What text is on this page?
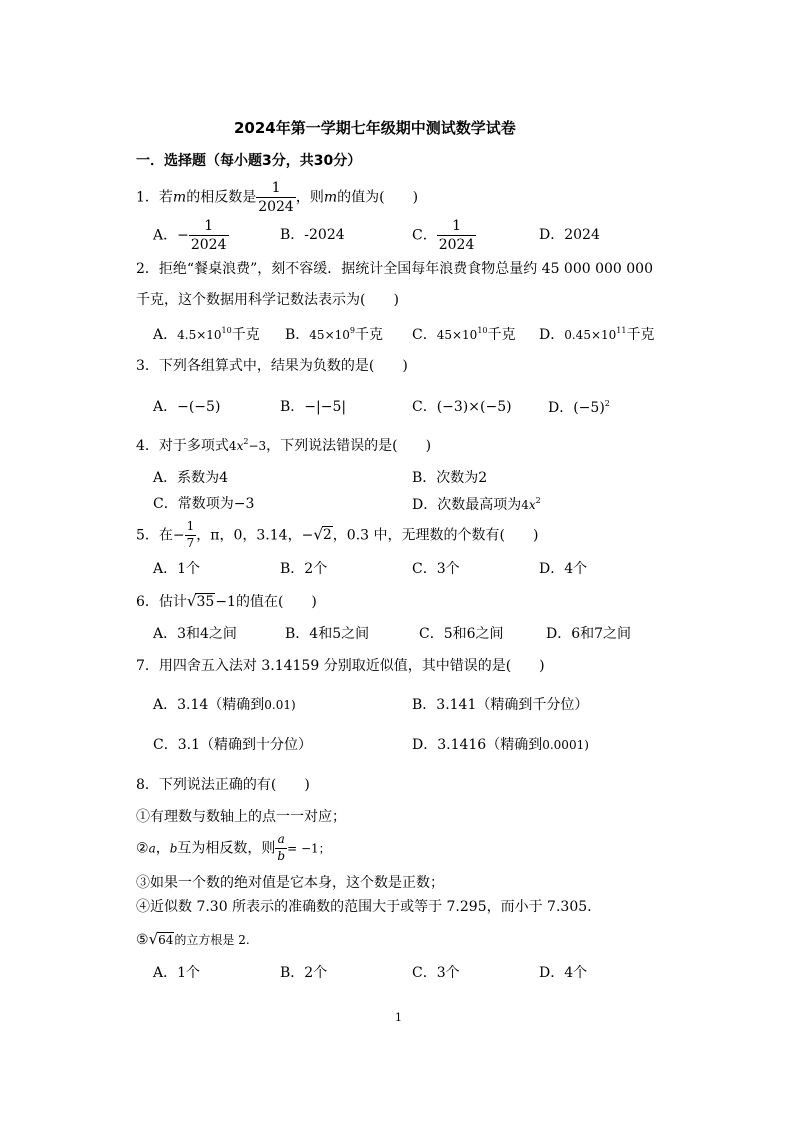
2024年第一学期七年级期中测试数学试卷
一．选择题（每小题3分，共30分）
1．若m的相反数是 $\frac{1}{2024}$ ，则m的值为(　　)
A．− $\frac{1}{2024}$	B．-2024	C． $\frac{1}{2024}$	D．2024
2．拒绝“餐桌浪费”，刻不容缓．据统计全国每年浪费食物总量约 45 000 000 000
千克，这个数据用科学记数法表示为(　　)
A．$4.5\times 10^{10}$千克 B．$45\times 10^9$千克 C．$45\times 10^{10}$千克 D．$0.45\times 10^{11}$千克
3．下列各组算式中，结果为负数的是(　　)
A．−(−5)	B．−|−5|	C．(−3)×(−5)	D．$(-5)^2$
4．对于多项式$4x^2-3$，下列说法错误的是(　　)
A．系数为4	B．次数为2
C．常数项为−3	D．次数最高项为$4x^2$
5．在− $\frac{1}{7}$ ，π，0，3.14，−√2，0.3 中，无理数的个数有(　　)
A．1个	B．2个	C．3个	D．4个
6．估计√35−1的值在(　　)
A．3和4之间	B．4和5之间	C．5和6之间	D．6和7之间
7．用四舍五入法对 3.14159 分别取近似值，其中错误的是(　　)
A．3.14（精确到0.01)	B．3.141（精确到千分位）
C．3.1（精确到十分位）	D．3.1416（精确到0.0001)
8．下列说法正确的有(　　)
①有理数与数轴上的点一一对应；
②a，b互为相反数，则 $\frac{a}{b} = -1$；
③如果一个数的绝对值是它本身，这个数是正数；
④近似数 7.30 所表示的准确数的范围大于或等于 7.295，而小于 7.305.
⑤√64的立方根是 2.
A．1个	B．2个	C．3个	D．4个
1
